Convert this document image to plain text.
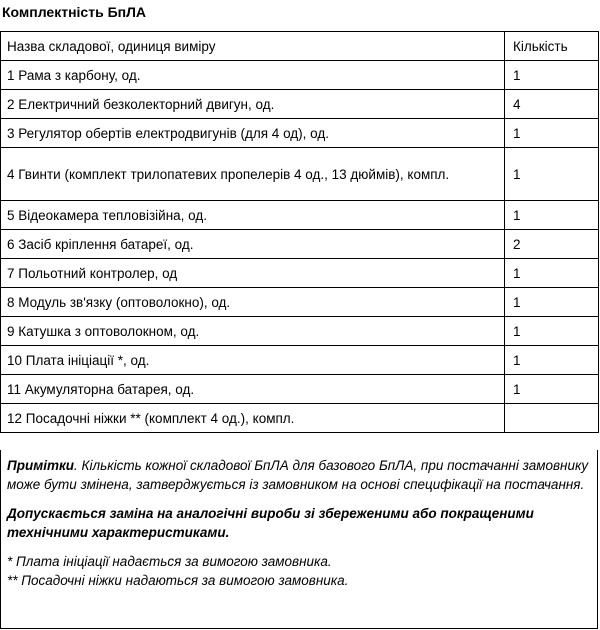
Комплектність БпЛА
Назва складової, одиниця виміру	Кількість
1 Рама з карбону, од.	1
2 Електричний безколекторний двигун, од.	4
3 Регулятор обертів електродвигунів (для 4 од), од.	1
4 Гвинти (комплект трилопатевих пропелерів 4 од., 13 дюймів), компл.	1
5 Відеокамера тепловізійна, од.	1
6 Засіб кріплення батареї, од.	2
7 Польотний контролер, од	1
8 Модуль зв'язку (оптоволокно), од.	1
9 Катушка з оптоволокном, од.	1
10 Плата ініціації *, од.	1
11 Акумуляторна батарея, од.	1
12 Посадочні ніжки ** (комплект 4 од.), компл.	

Примітки. Кількість кожної складової БпЛА для базового БпЛА, при постачанні замовнику може бути змінена, затверджується із замовником на основі специфікації на постачання.

Допускається заміна на аналогічні вироби зі збереженими або покращеними технічними характеристиками.

* Плата ініціації надається за вимогою замовника.
** Посадочні ніжки надаються за вимогою замовника.
